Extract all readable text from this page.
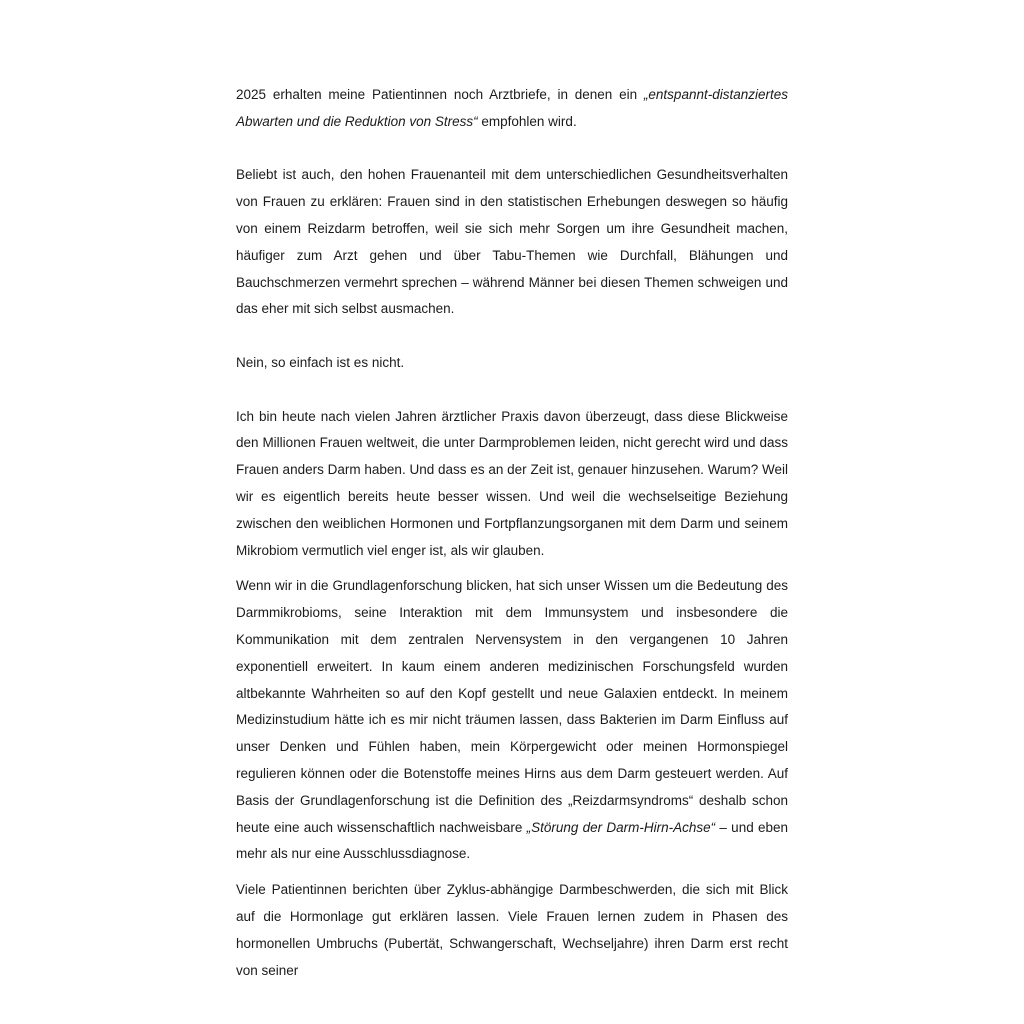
2025 erhalten meine Patientinnen noch Arztbriefe, in denen ein „entspannt-distanziertes Abwarten und die Reduktion von Stress“ empfohlen wird.

Beliebt ist auch, den hohen Frauenanteil mit dem unterschiedlichen Gesundheitsverhalten von Frauen zu erklären: Frauen sind in den statistischen Erhebungen deswegen so häufig von einem Reizdarm betroffen, weil sie sich mehr Sorgen um ihre Gesundheit machen, häufiger zum Arzt gehen und über Tabu-Themen wie Durchfall, Blähungen und Bauchschmerzen vermehrt sprechen – während Männer bei diesen Themen schweigen und das eher mit sich selbst ausmachen.

Nein, so einfach ist es nicht.

Ich bin heute nach vielen Jahren ärztlicher Praxis davon überzeugt, dass diese Blickweise den Millionen Frauen weltweit, die unter Darmproblemen leiden, nicht gerecht wird und dass Frauen anders Darm haben. Und dass es an der Zeit ist, genauer hinzusehen. Warum? Weil wir es eigentlich bereits heute besser wissen. Und weil die wechselseitige Beziehung zwischen den weiblichen Hormonen und Fortpflanzungsorganen mit dem Darm und seinem Mikrobiom vermutlich viel enger ist, als wir glauben.

Wenn wir in die Grundlagenforschung blicken, hat sich unser Wissen um die Bedeutung des Darmmikrobioms, seine Interaktion mit dem Immunsystem und insbesondere die Kommunikation mit dem zentralen Nervensystem in den vergangenen 10 Jahren exponentiell erweitert. In kaum einem anderen medizinischen Forschungsfeld wurden altbekannte Wahrheiten so auf den Kopf gestellt und neue Galaxien entdeckt. In meinem Medizinstudium hätte ich es mir nicht träumen lassen, dass Bakterien im Darm Einfluss auf unser Denken und Fühlen haben, mein Körpergewicht oder meinen Hormonspiegel regulieren können oder die Botenstoffe meines Hirns aus dem Darm gesteuert werden. Auf Basis der Grundlagenforschung ist die Definition des „Reizdarmsyndroms“ deshalb schon heute eine auch wissenschaftlich nachweisbare „Störung der Darm-Hirn-Achse“ – und eben mehr als nur eine Ausschlussdiagnose.

Viele Patientinnen berichten über Zyklus-abhängige Darmbeschwerden, die sich mit Blick auf die Hormonlage gut erklären lassen. Viele Frauen lernen zudem in Phasen des hormonellen Umbruchs (Pubertät, Schwangerschaft, Wechseljahre) ihren Darm erst recht von seiner
